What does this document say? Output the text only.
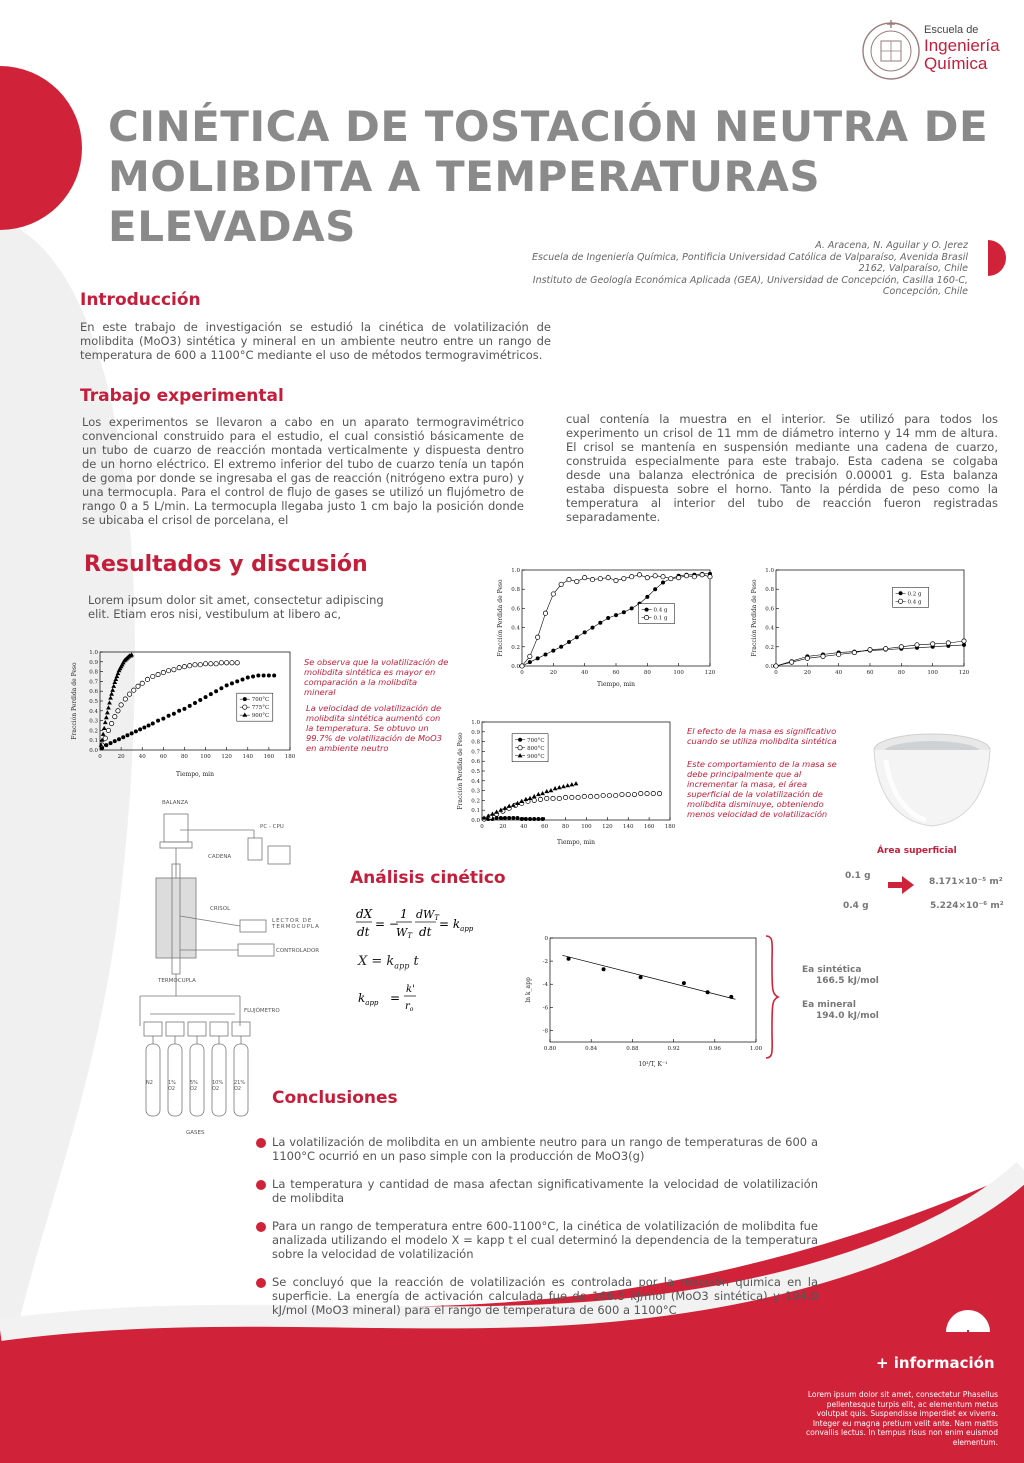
Escuela de
Ingeniería
Química
CINÉTICA DE TOSTACIÓN NEUTRA DE
MOLIBDITA A TEMPERATURAS
ELEVADAS	A. Aracena, N. Aguilar y O. Jerez
Escuela de Ingeniería Química, Pontificia Universidad Católica de Valparaíso, Avenida Brasil 2162, Valparaíso, Chile
Instituto de Geología Económica Aplicada (GEA), Universidad de Concepción, Casilla 160-C, Concepción, Chile
Introducción
En este trabajo de investigación se estudió la cinética de volatilización de molibdita (MoO3) sintética y mineral en un ambiente neutro entre un rango de temperatura de 600 a 1100°C mediante el uso de métodos termogravimétricos.
Trabajo experimental
Los experimentos se llevaron a cabo en un aparato termogravimétrico convencional construido para el estudio, el cual consistió básicamente de un tubo de cuarzo de reacción montada verticalmente y dispuesta dentro de un horno eléctrico. El extremo inferior del tubo de cuarzo tenía un tapón de goma por donde se ingresaba el gas de reacción (nitrógeno extra puro) y una termocupla. Para el control de flujo de gases se utilizó un flujómetro de rango 0 a 5 L/min. La termocupla llegaba justo 1 cm bajo la posición donde se ubicaba el crisol de porcelana, el
cual contenía la muestra en el interior. Se utilizó para todos los experimento un crisol de 11 mm de diámetro interno y 14 mm de altura. El crisol se mantenía en suspensión mediante una cadena de cuarzo, construida especialmente para este trabajo. Esta cadena se colgaba desde una balanza electrónica de precisión 0.00001 g. Esta balanza estaba dispuesta sobre el horno. Tanto la pérdida de peso como la temperatura al interior del tubo de reacción fueron registradas separadamente.
Resultados y discusión
Lorem ipsum dolor sit amet, consectetur adipiscing elit. Etiam eros nisi, vestibulum at libero ac,
0	20	40	60	80 100 120 140 160 180
0.0
0.1
0.2
0.3
0.4
0.5
0.6
0.7
0.8
0.9
1.0
Tiempo, min
Fracción Perdida de Peso	700°C
775°C
900°C
0	20	40	60	80	100	120
0.0
0.2
0.4
0.6
0.8
1.0
Tiempo, min
Fracción Perdida de Peso	0.4 g
0.1 g
0	20	40	60	80	100	120
0.0
0.2
0.4
0.6
0.8
1.0
Fracción Perdida de Peso	0.2 g
0.4 g
0	20	40	60	80 100 120 140 160 180
0.0
0.1
0.2
0.3
0.4
0.5
0.6
0.7
0.8
0.9
1.0
Tiempo, min
Fracción Perdida de Peso	700°C
800°C
900°C
0.80	0.84	0.88	0.92	0.96	1.00
0
-2
-4
-6
-8
10³/T, K⁻¹
ln k_app
Se observa que la volatilización de molibdita sintética es mayor en comparación a la molibdita mineral
La velocidad de volatilización de molibdita sintética aumentó con la temperatura. Se obtuvo un 99.7% de volatilización de MoO3 en ambiente neutro
El efecto de la masa es significativo cuando se utiliza molibdita sintética
Este comportamiento de la masa se debe principalmente que al incrementar la masa, el área superficial de la volatilización de molibdita disminuye, obteniendo menos velocidad de volatilización
BALANZA
PC - CPU
CADENA
CRISOL
LECTOR DE TERMOCUPLA
CONTROLADOR
TERMOCUPLA
FLUJÓMETRO
N2	1% O2
5% O2
10% O2
21% O2
GASES
Área superficial
0.1 g
0.4 g
8.171×10⁻⁵ m²
5.224×10⁻⁶ m²
Análisis cinético
dX
dt
= −
1
WT
dWT
dt
= $k_{app}$
$X = k_{app}$ t
$k_{app}$ =
k'
$r_o$
Ea sintética
166.5 kJ/mol
Ea mineral
194.0 kJ/mol
Conclusiones
La volatilización de molibdita en un ambiente neutro para un rango de temperaturas de 600 a 1100°C ocurrió en un paso simple con la producción de MoO3(g)
La temperatura y cantidad de masa afectan significativamente la velocidad de volatilización de molibdita
Para un rango de temperatura entre 600-1100°C, la cinética de volatilización de molibdita fue analizada utilizando el modelo X = kapp t el cual determinó la dependencia de la temperatura sobre la velocidad de volatilización
Se concluyó que la reacción de volatilización es controlada por la reacción química en la superficie. La energía de activación calculada fue de 166.5 kJ/mol (MoO3 sintética) y 194.0 kJ/mol (MoO3 mineral) para el rango de temperatura de 600 a 1100°C
+ información
Lorem ipsum dolor sit amet, consectetur Phasellus pellentesque turpis elit, ac elementum metus volutpat quis. Suspendisse imperdiet ex viverra. Integer eu magna pretium velit ante. Nam mattis convallis lectus. In tempus risus non enim euismod elementum.
